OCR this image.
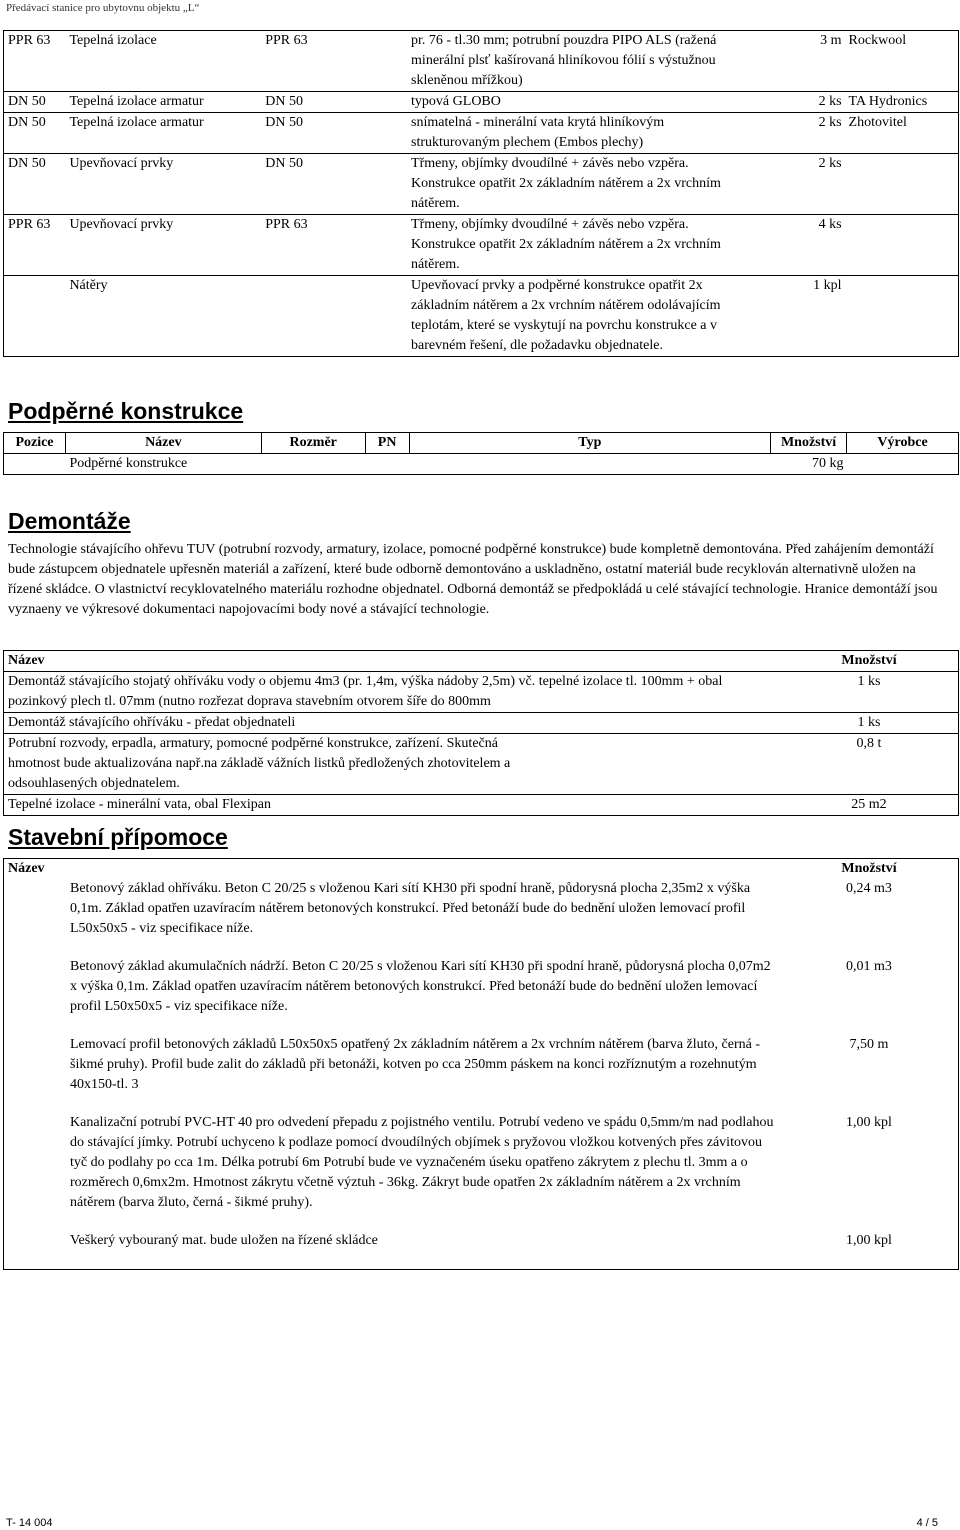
Předávací stanice pro ubytovnu objektu „L“
PPR 63	Tepelná izolace	PPR 63	pr. 76 - tl.30 mm; potrubní pouzdra PIPO ALS (ražená minerální plsť kašírovaná hliníkovou fólií s výstužnou skleněnou mřížkou)	3 m	Rockwool
DN 50	Tepelná izolace armatur	DN 50	typová GLOBO	2 ks	TA Hydronics
DN 50	Tepelná izolace armatur	DN 50	snímatelná - minerální vata krytá hliníkovým strukturovaným plechem (Embos plechy)	2 ks	Zhotovitel
DN 50	Upevňovací prvky	DN 50	Třmeny, objímky dvoudílné + závěs nebo vzpěra. Konstrukce opatřit 2x základním nátěrem a 2x vrchním nátěrem.	2 ks	
PPR 63	Upevňovací prvky	PPR 63	Třmeny, objímky dvoudílné + závěs nebo vzpěra. Konstrukce opatřit 2x základním nátěrem a 2x vrchním nátěrem.	4 ks	
	Nátěry		Upevňovací prvky a podpěrné konstrukce opatřit 2x základním nátěrem a 2x vrchním nátěrem odolávajícím teplotám, které se vyskytují na povrchu konstrukce a v barevném řešení, dle požadavku objednatele.	1 kpl	
Podpěrné konstrukce
Pozice	Název	Rozměr	PN	Typ	Množství	Výrobce
	Podpěrné konstrukce				70 kg	
Demontáže
Technologie stávajícího ohřevu TUV (potrubní rozvody, armatury, izolace, pomocné podpěrné konstrukce) bude kompletně demontována. Před zahájením demontáží bude zástupcem objednatele upřesněn materiál a zařízení, které bude odborně demontováno a uskladněno, ostatní materiál bude recyklován alternativně uložen na řízené skládce. O vlastnictví recyklovatelného materiálu rozhodne objednatel. Odborná demontáž se předpokládá u celé stávající technologie. Hranice demontáží jsou vyznaeny ve výkresové dokumentaci napojovacími body nové a stávající technologie.
Název	Množství
Demontáž stávajícího stojatý ohříváku vody o objemu 4m3 (pr. 1,4m, výška nádoby 2,5m) vč. tepelné izolace tl. 100mm + obal pozinkový plech tl. 07mm (nutno rozřezat doprava stavebním otvorem šíře do 800mm	1 ks
Demontáž stávajícího ohříváku - předat objednateli	1 ks
Potrubní rozvody, erpadla, armatury, pomocné podpěrné konstrukce, zařízení. Skutečná hmotnost bude aktualizována např.na základě vážních listků předložených zhotovitelem a odsouhlasených objednatelem.	0,8 t
Tepelné izolace - minerální vata, obal Flexipan	25 m2
Stavební přípomoce
Název	Množství
Betonový základ ohříváku. Beton C 20/25 s vloženou Kari sítí KH30 při spodní hraně, půdorysná plocha 2,35m2 x výška 0,1m. Základ opatřen uzavíracím nátěrem betonových konstrukcí. Před betonáží bude do bednění uložen lemovací profil L50x50x5 - viz specifikace níže.	0,24 m3
Betonový základ akumulačních nádrží. Beton C 20/25 s vloženou Kari sítí KH30 při spodní hraně, půdorysná plocha 0,07m2 x výška 0,1m. Základ opatřen uzavíracím nátěrem betonových konstrukcí. Před betonáží bude do bednění uložen lemovací profil L50x50x5 - viz specifikace níže.	0,01 m3
Lemovací profil betonových základů L50x50x5 opatřený 2x základním nátěrem a 2x vrchním nátěrem (barva žluto, černá - šikmé pruhy). Profil bude zalit do základů při betonáži, kotven po cca 250mm páskem na konci rozříznutým a rozehnutým 40x150-tl. 3	7,50 m
Kanalizační potrubí PVC-HT 40 pro odvedení přepadu z pojistného ventilu. Potrubí vedeno ve spádu 0,5mm/m nad podlahou do stávající jímky. Potrubí uchyceno k podlaze pomocí dvoudílných objímek s pryžovou vložkou kotvených přes závitovou tyč do podlahy po cca 1m. Délka potrubí 6m Potrubí bude ve vyznačeném úseku opatřeno zákrytem z plechu tl. 3mm a o rozměrech 0,6mx2m. Hmotnost zákrytu včetně výztuh - 36kg. Zákryt bude opatřen 2x základním nátěrem a 2x vrchním nátěrem (barva žluto, černá - šikmé pruhy).	1,00 kpl
Veškerý vybouraný mat. bude uložen na řízené skládce	1,00 kpl
T- 14 004	4 / 5
